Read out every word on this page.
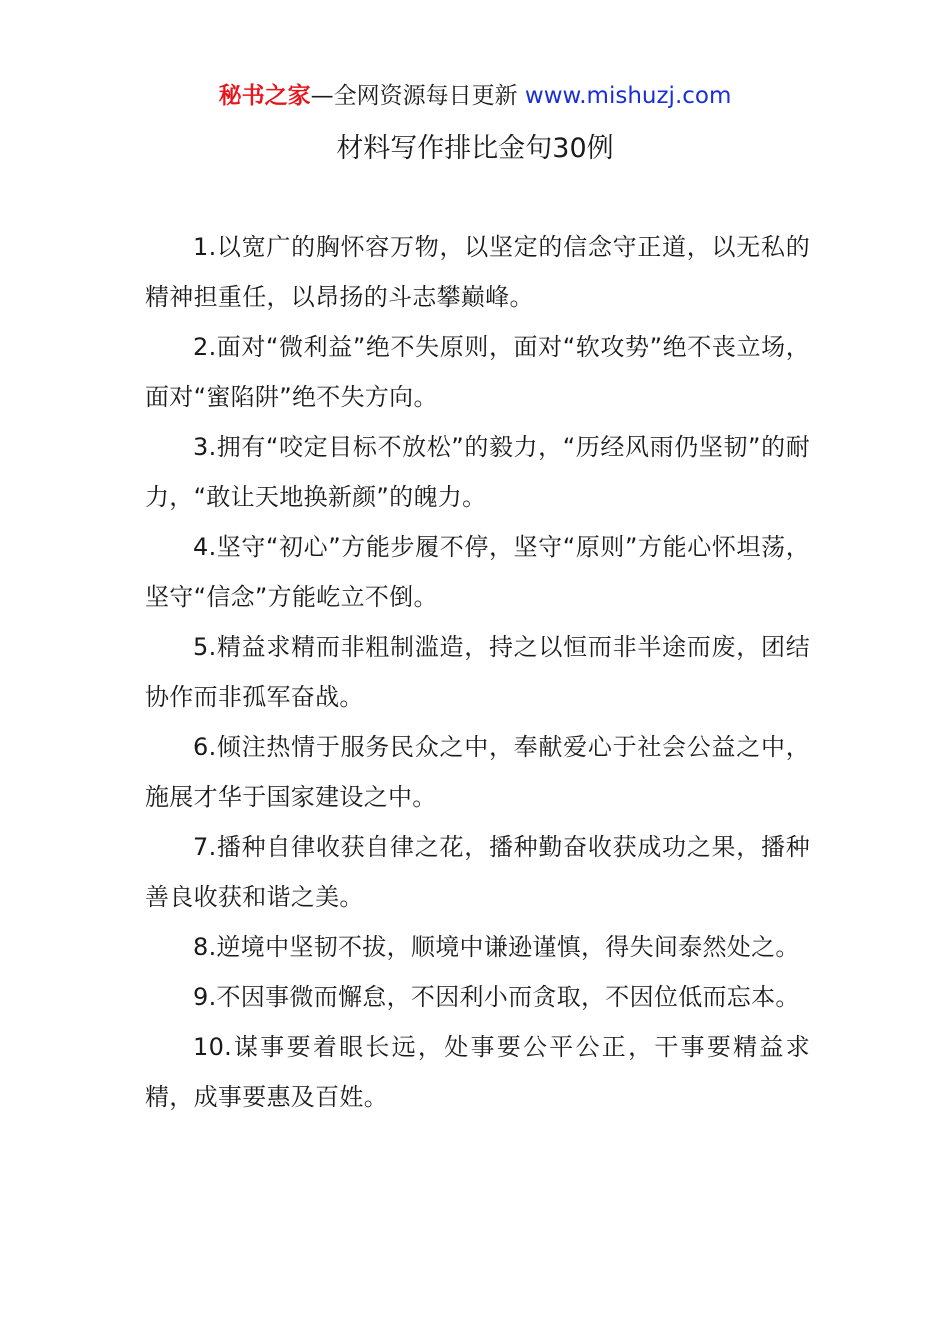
秘书之家—全网资源每日更新 www.mishuzj.com
材料写作排比金句30例

1.以宽广的胸怀容万物，以坚定的信念守正道，以无私的精神担重任，以昂扬的斗志攀巅峰。

2.面对“微利益”绝不失原则，面对“软攻势”绝不丧立场，面对“蜜陷阱”绝不失方向。

3.拥有“咬定目标不放松”的毅力，“历经风雨仍坚韧”的耐力，“敢让天地换新颜”的魄力。

4.坚守“初心”方能步履不停，坚守“原则”方能心怀坦荡，坚守“信念”方能屹立不倒。

5.精益求精而非粗制滥造，持之以恒而非半途而废，团结协作而非孤军奋战。

6.倾注热情于服务民众之中，奉献爱心于社会公益之中，施展才华于国家建设之中。

7.播种自律收获自律之花，播种勤奋收获成功之果，播种善良收获和谐之美。

8.逆境中坚韧不拔，顺境中谦逊谨慎，得失间泰然处之。

9.不因事微而懈怠，不因利小而贪取，不因位低而忘本。

10.谋事要着眼长远，处事要公平公正，干事要精益求精，成事要惠及百姓。
